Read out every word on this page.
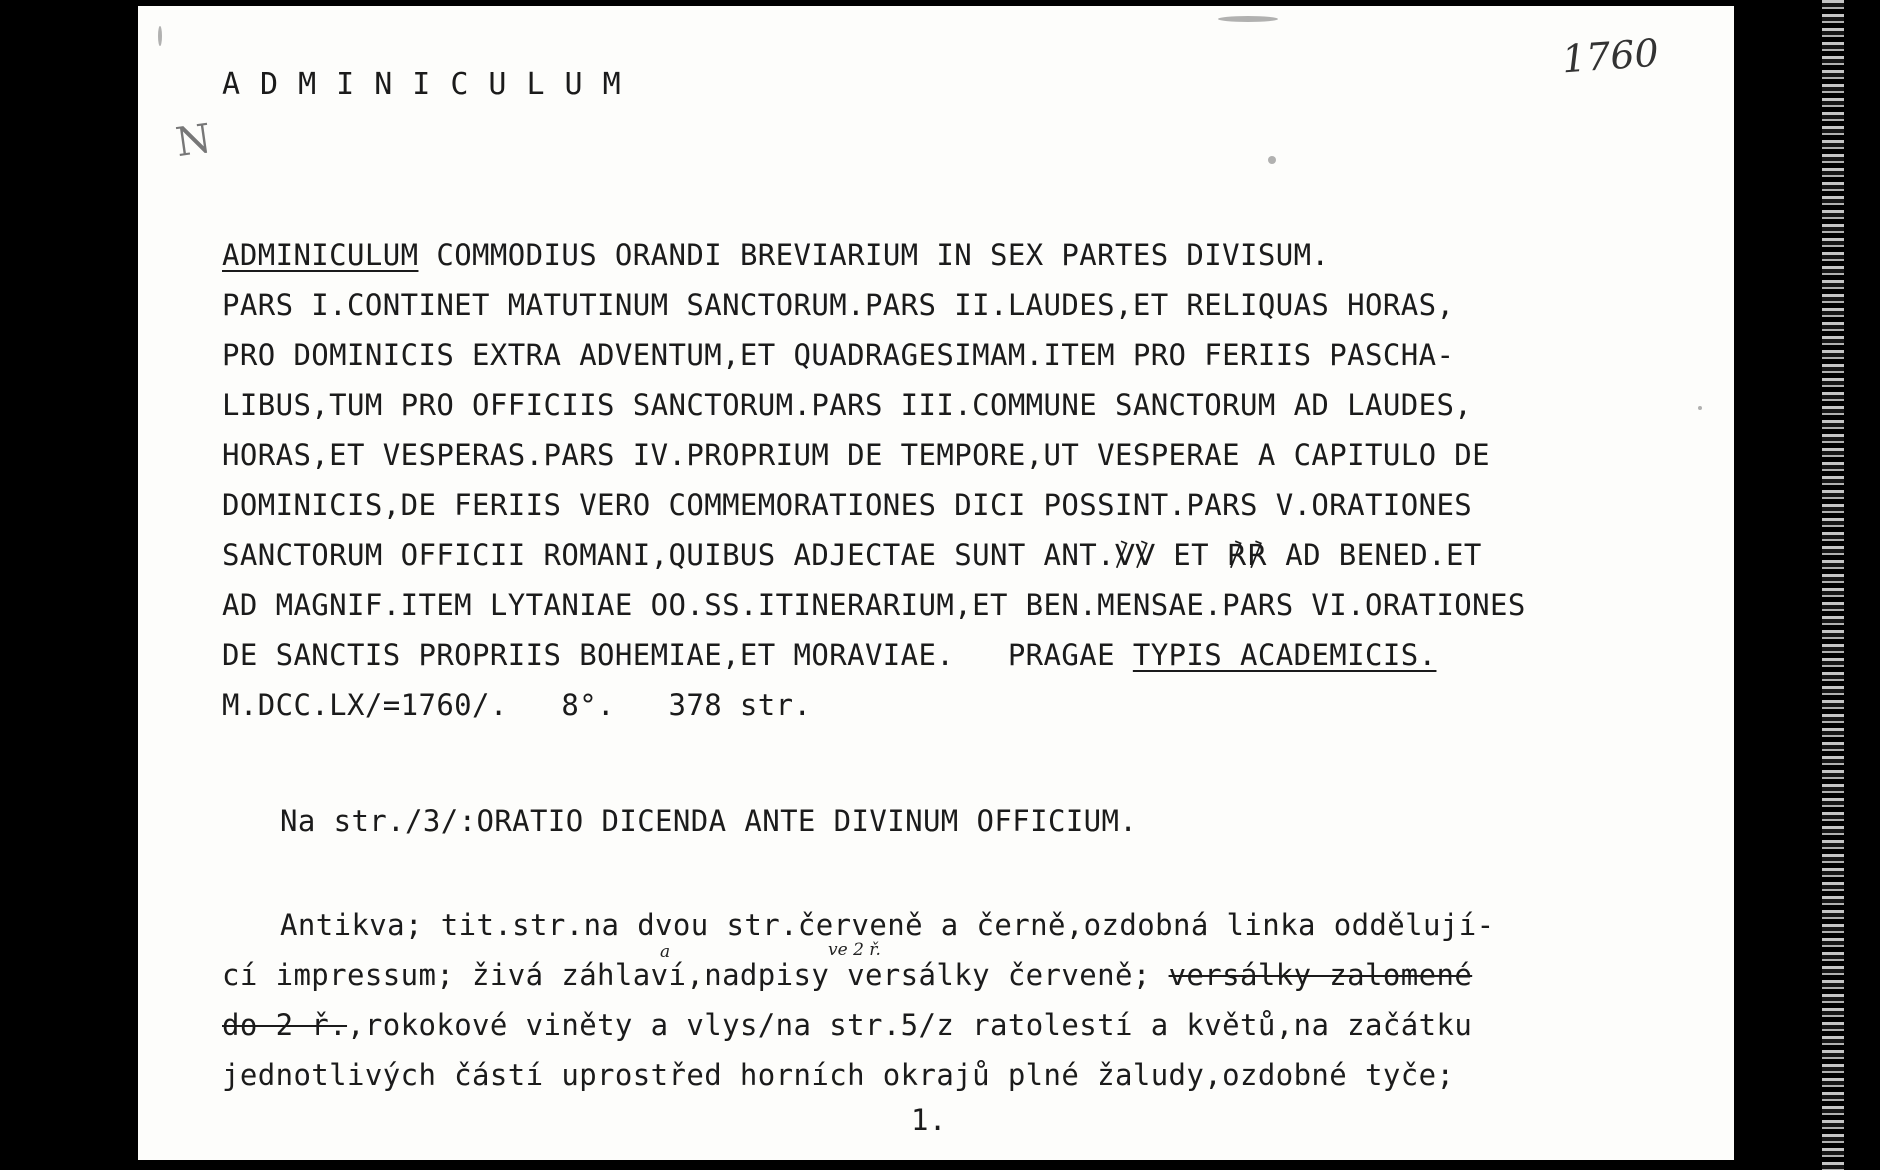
ADMINICULUM
1760
N
ADMINICULUM COMMODIUS ORANDI BREVIARIUM IN SEX PARTES DIVISUM.
PARS I.CONTINET MATUTINUM SANCTORUM.PARS II.LAUDES,ET RELIQUAS HORAS,
PRO DOMINICIS EXTRA ADVENTUM,ET QUADRAGESIMAM.ITEM PRO FERIIS PASCHA-
LIBUS,TUM PRO OFFICIIS SANCTORUM.PARS III.COMMUNE SANCTORUM AD LAUDES,
HORAS,ET VESPERAS.PARS IV.PROPRIUM DE TEMPORE,UT VESPERAE A CAPITULO DE
DOMINICIS,DE FERIIS VERO COMMEMORATIONES DICI POSSINT.PARS V.ORATIONES
SANCTORUM OFFICII ROMANI,QUIBUS ADJECTAE SUNT ANT.℣℣ ET ℟℟ AD BENED.ET
AD MAGNIF.ITEM LYTANIAE OO.SS.ITINERARIUM,ET BEN.MENSAE.PARS VI.ORATIONES
DE SANCTIS PROPRIIS BOHEMIAE,ET MORAVIAE.   PRAGAE TYPIS ACADEMICIS.
M.DCC.LX/=1760/.   8°.   378 str.
Na str./3/:ORATIO DICENDA ANTE DIVINUM OFFICIUM.
Antikva; tit.str.na dvou str.červeně a černě,ozdobná linka oddělují-
a	ve 2 ř.
cí impressum; živá záhlaví,nadpisy versálky červeně; versálky zalomené
do 2 ř.,rokokové viněty a vlys/na str.5/z ratolestí a květů,na začátku
jednotlivých částí uprostřed horních okrajů plné žaludy,ozdobné tyče;
1.
